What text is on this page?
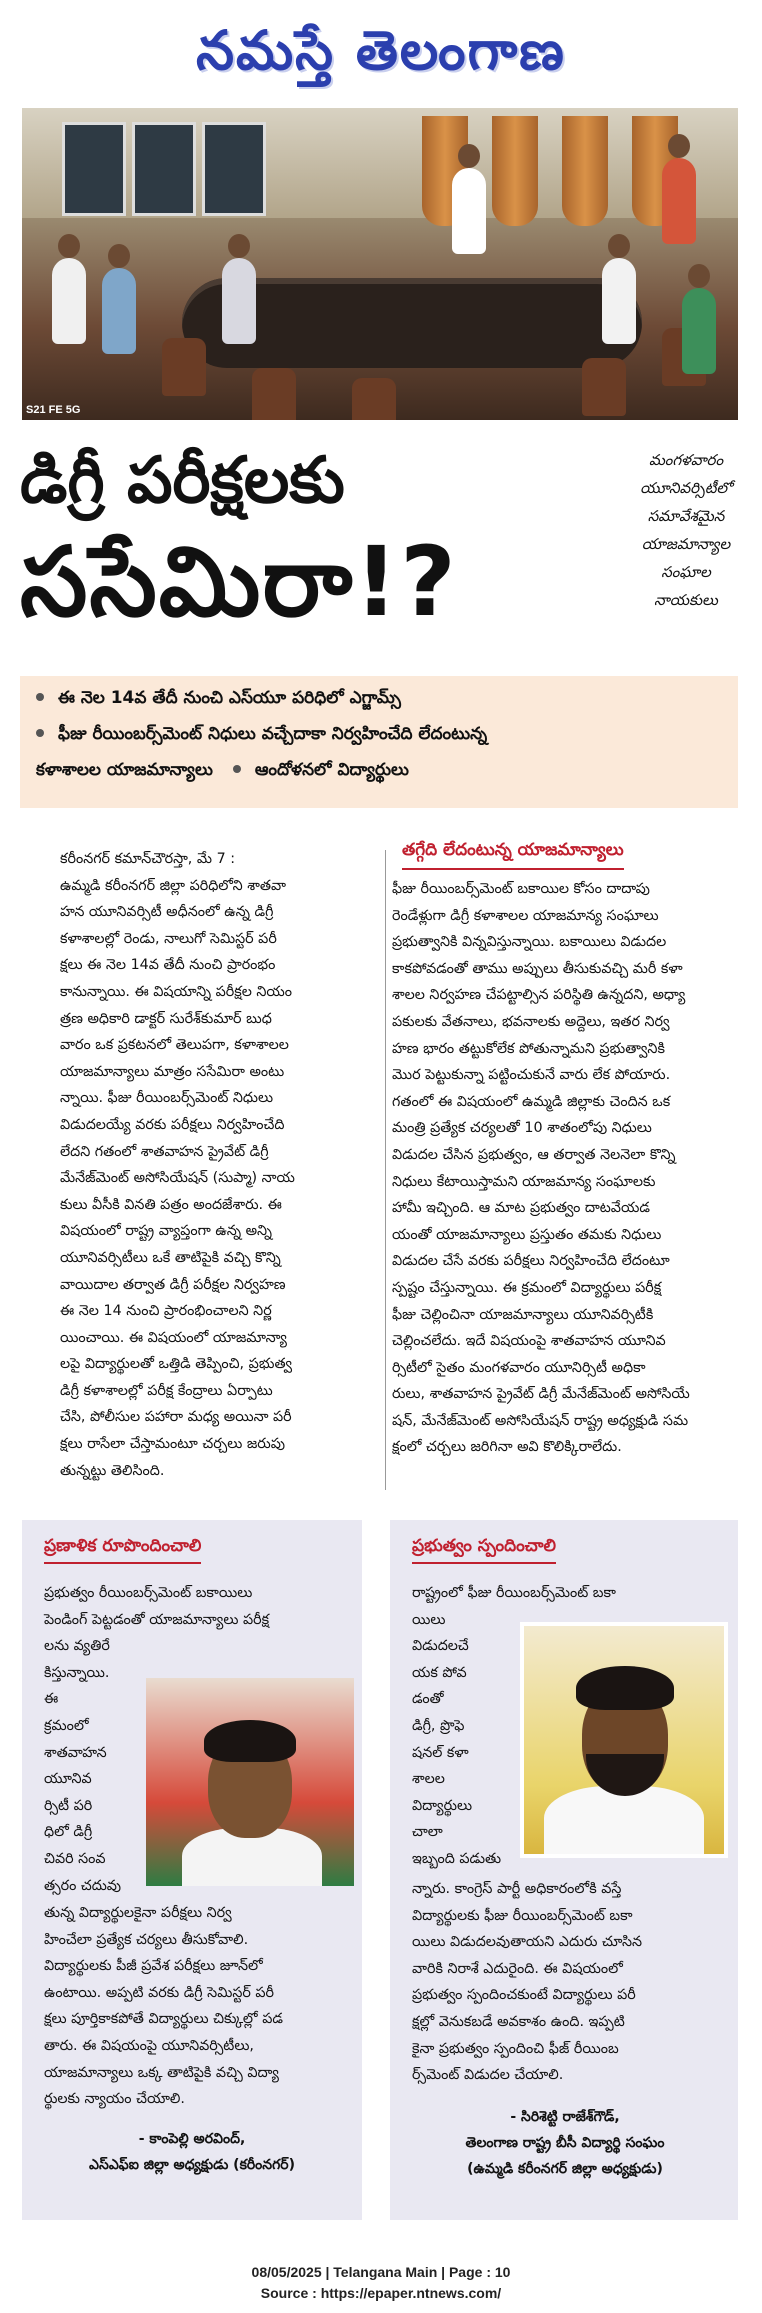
నమస్తే తెలంగాణ
S21 FE 5G
డిగ్రీ పరీక్షలకు
ససేమిరా!?
మంగళవారం
యూనివర్సిటీలో
సమావేశమైన
యాజమాన్యాల
సంఘాల
నాయకులు
ఈ నెల 14వ తేదీ నుంచి ఎస్‌యూ పరిధిలో ఎగ్జామ్స్
ఫీజు రీయింబర్స్‌మెంట్ నిధులు వచ్చేదాకా నిర్వహించేది లేదంటున్న
కళాశాలల యాజమాన్యాలు ఆందోళనలో విద్యార్థులు
కరీంనగర్ కమాన్‌చౌరస్తా, మే 7 :
ఉమ్మడి కరీంనగర్ జిల్లా పరిధిలోని శాతవా
హన యూనివర్సిటీ అధీనంలో ఉన్న డిగ్రీ
కళాశాలల్లో రెండు, నాలుగో సెమిస్టర్ పరీ
క్షలు ఈ నెల 14వ తేదీ నుంచి ప్రారంభం
కానున్నాయి. ఈ విషయాన్ని పరీక్షల నియం
త్రణ అధికారి డాక్టర్ సురేశ్‌కుమార్ బుధ
వారం ఒక ప్రకటనలో తెలుపగా, కళాశాలల
యాజమాన్యాలు మాత్రం ససేమిరా అంటు
న్నాయి. ఫీజు రీయింబర్స్‌మెంట్ నిధులు
విడుదలయ్యే వరకు పరీక్షలు నిర్వహించేది
లేదని గతంలో శాతవాహన ప్రైవేట్ డిగ్రీ
మేనేజ్‌మెంట్ అసోసియేషన్ (సుప్మా) నాయ
కులు వీసీకి వినతి పత్రం అందజేశారు. ఈ
విషయంలో రాష్ట్ర వ్యాప్తంగా ఉన్న అన్ని
యూనివర్సిటీలు ఒకే తాటిపైకి వచ్చి కొన్ని
వాయిదాల తర్వాత డిగ్రీ పరీక్షల నిర్వహణ
ఈ నెల 14 నుంచి ప్రారంభించాలని నిర్ణ
యించాయి. ఈ విషయంలో యాజమాన్యా
లపై విద్యార్థులతో ఒత్తిడి తెప్పించి, ప్రభుత్వ
డిగ్రీ కళాశాలల్లో పరీక్ష కేంద్రాలు ఏర్పాటు
చేసి, పోలీసుల పహారా మధ్య అయినా పరీ
క్షలు రాసేలా చేస్తామంటూ చర్చలు జరుపు
తున్నట్టు తెలిసింది.
తగ్గేది లేదంటున్న యాజమాన్యాలు
ఫీజు రీయింబర్స్‌మెంట్ బకాయిల కోసం దాదాపు
రెండేళ్లుగా డిగ్రీ కళాశాలల యాజమాన్య సంఘాలు
ప్రభుత్వానికి విన్నవిస్తున్నాయి. బకాయిలు విడుదల
కాకపోవడంతో తాము అప్పులు తీసుకువచ్చి మరీ కళా
శాలల నిర్వహణ చేపట్టాల్సిన పరిస్థితి ఉన్నదని, అధ్యా
పకులకు వేతనాలు, భవనాలకు అద్దెలు, ఇతర నిర్వ
హణ భారం తట్టుకోలేక పోతున్నామని ప్రభుత్వానికి
మొర పెట్టుకున్నా పట్టించుకునే వారు లేక పోయారు.
గతంలో ఈ విషయంలో ఉమ్మడి జిల్లాకు చెందిన ఒక
మంత్రి ప్రత్యేక చర్యలతో 10 శాతంలోపు నిధులు
విడుదల చేసిన ప్రభుత్వం, ఆ తర్వాత నెలనెలా కొన్ని
నిధులు కేటాయిస్తామని యాజమాన్య సంఘాలకు
హామీ ఇచ్చింది. ఆ మాట ప్రభుత్వం దాటవేయడ
యంతో యాజమాన్యాలు ప్రస్తుతం తమకు నిధులు
విడుదల చేసే వరకు పరీక్షలు నిర్వహించేది లేదంటూ
స్పష్టం చేస్తున్నాయి. ఈ క్రమంలో విద్యార్థులు పరీక్ష
ఫీజు చెల్లించినా యాజమాన్యాలు యూనివర్సిటీకి
చెల్లించలేదు. ఇదే విషయంపై శాతవాహన యూనివ
ర్సిటీలో సైతం మంగళవారం యూనిర్సిటీ అధికా
రులు, శాతవాహన ప్రైవేట్ డిగ్రీ మేనేజ్‌మెంట్ అసోసియే
షన్, మేనేజ్‌మెంట్ అసోసియేషన్ రాష్ట్ర అధ్యక్షుడి సమ
క్షంలో చర్చలు జరిగినా అవి కొలిక్కిరాలేదు.
ప్రణాళిక రూపొందించాలి
ప్రభుత్వం రీయింబర్స్‌మెంట్ బకాయిలు
పెండింగ్ పెట్టడంతో యాజమాన్యాలు పరీక్ష
లను వ్యతిరే
కిస్తున్నాయి.
ఈ
క్రమంలో
శాతవాహన
యూనివ
ర్సిటీ పరి
ధిలో డిగ్రీ
చివరి సంవ
త్సరం చదువు
తున్న విద్యార్థులకైనా పరీక్షలు నిర్వ
హించేలా ప్రత్యేక చర్యలు తీసుకోవాలి.
విద్యార్థులకు పీజీ ప్రవేశ పరీక్షలు జూన్‌లో
ఉంటాయి. అప్పటి వరకు డిగ్రీ సెమిస్టర్ పరీ
క్షలు పూర్తికాకపోతే విద్యార్థులు చిక్కుల్లో పడ
తారు. ఈ విషయంపై యూనివర్సిటీలు,
యాజమాన్యాలు ఒక్క తాటిపైకి వచ్చి విద్యా
ర్థులకు న్యాయం చేయాలి.
- కాంపెల్లి అరవింద్,
ఎస్ఎఫ్ఐ జిల్లా అధ్యక్షుడు (కరీంనగర్)
ప్రభుత్వం స్పందించాలి
రాష్ట్రంలో ఫీజు రీయింబర్స్‌మెంట్ బకా
యిలు
విడుదలచే
యక పోవ
డంతో
డిగ్రీ, ప్రొఫె
షనల్ కళా
శాలల
విద్యార్థులు
చాలా
ఇబ్బంది పడుతు
న్నారు. కాంగ్రెస్ పార్టీ అధికారంలోకి వస్తే
విద్యార్థులకు ఫీజు రీయింబర్స్‌మెంట్ బకా
యిలు విడుదలవుతాయని ఎదురు చూసిన
వారికి నిరాశే ఎదురైంది. ఈ విషయంలో
ప్రభుత్వం స్పందించకుంటే విద్యార్థులు పరీ
క్షల్లో వెనుకబడే అవకాశం ఉంది. ఇప్పటి
కైనా ప్రభుత్వం స్పందించి ఫీజ్ రీయింబ
ర్స్‌మెంట్ విడుదల చేయాలి.
- సిరిశెట్టి రాజేశ్‌గౌడ్,
తెలంగాణ రాష్ట్ర బీసీ విద్యార్థి సంఘం
(ఉమ్మడి కరీంనగర్ జిల్లా అధ్యక్షుడు)
08/05/2025 | Telangana Main | Page : 10
Source : https://epaper.ntnews.com/
